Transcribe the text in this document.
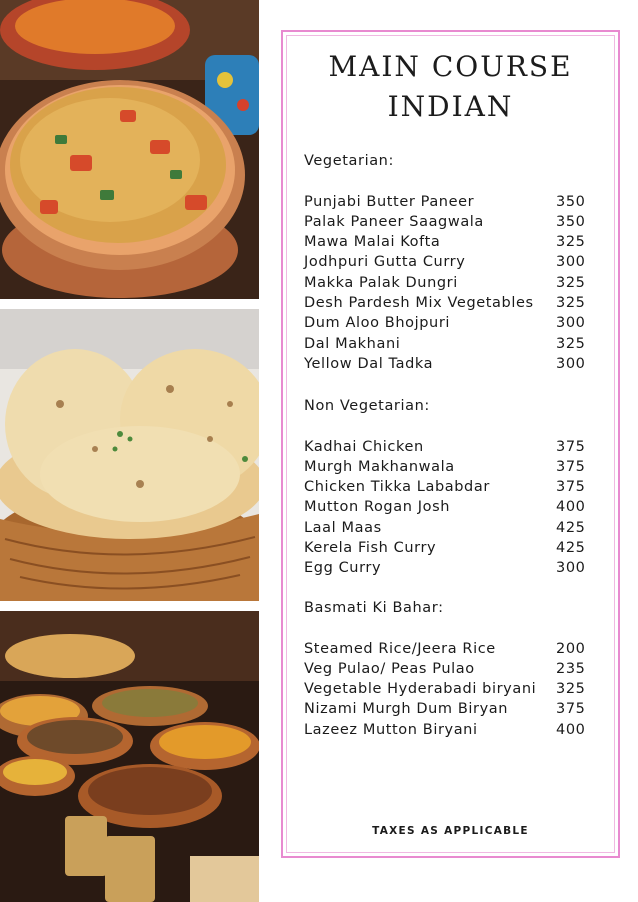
MAIN COURSE
INDIAN
Vegetarian:
Punjabi Butter Paneer	350
Palak Paneer Saagwala	350
Mawa Malai Kofta	325
Jodhpuri Gutta Curry	300
Makka Palak Dungri	325
Desh Pardesh Mix Vegetables 325
Dum Aloo Bhojpuri	300
Dal Makhani	325
Yellow Dal Tadka	300
Non Vegetarian:
Kadhai Chicken	375
Murgh Makhanwala	375
Chicken Tikka Lababdar	375
Mutton Rogan Josh	400
Laal Maas	425
Kerela Fish Curry	425
Egg Curry	300
Basmati Ki Bahar:
Steamed Rice/Jeera Rice	200
Veg Pulao/ Peas Pulao	235
Vegetable Hyderabadi biryani 325
Nizami Murgh Dum Biryan	375
Lazeez Mutton Biryani	400
TAXES AS APPLICABLE
